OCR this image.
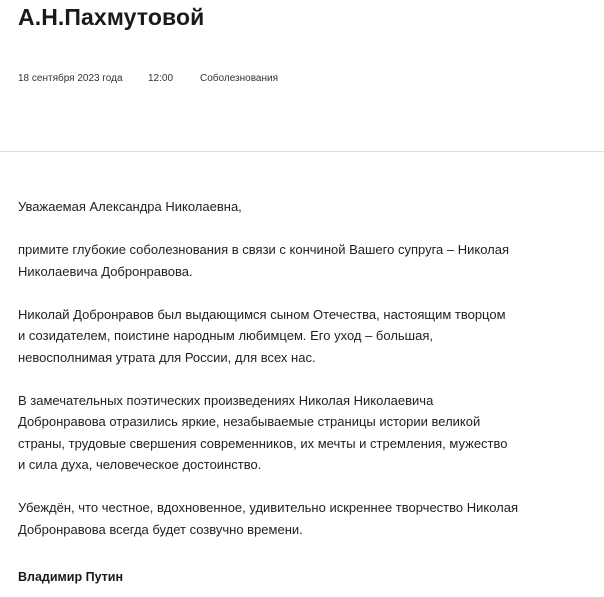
А.Н.Пахмутовой
18 сентября 2023 года	12:00	Соболезнования

Уважаемая Александра Николаевна,

примите глубокие соболезнования в связи с кончиной Вашего супруга – Николая
Николаевича Добронравова.

Николай Добронравов был выдающимся сыном Отечества, настоящим творцом
и созидателем, поистине народным любимцем. Его уход – большая,
невосполнимая утрата для России, для всех нас.

В замечательных поэтических произведениях Николая Николаевича
Добронравова отразились яркие, незабываемые страницы истории великой
страны, трудовые свершения современников, их мечты и стремления, мужество
и сила духа, человеческое достоинство.

Убеждён, что честное, вдохновенное, удивительно искреннее творчество Николая
Добронравова всегда будет созвучно времени.

Владимир Путин
